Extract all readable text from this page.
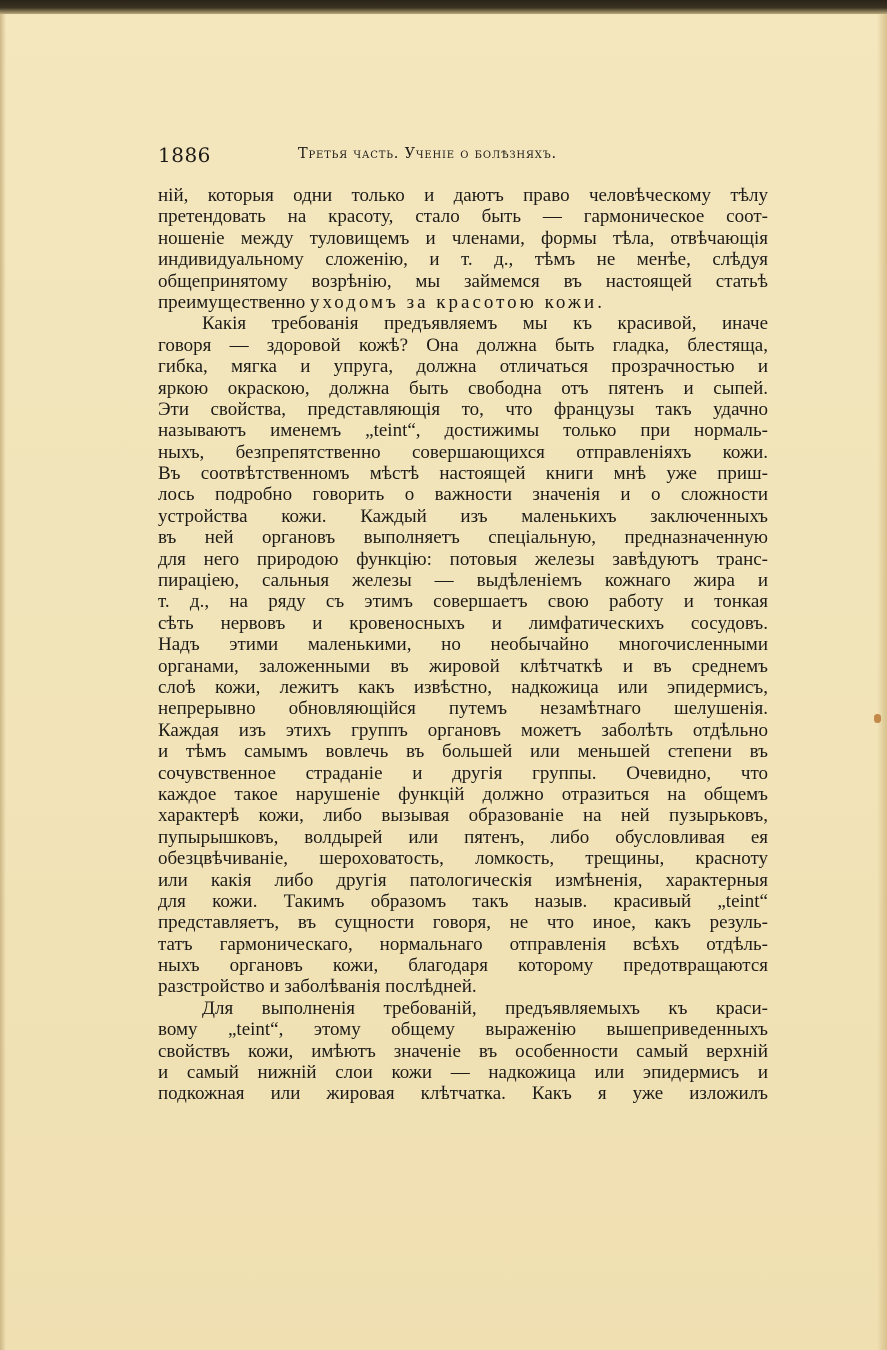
1886	Третья часть. Ученіе о болѣзняхъ.
ній, которыя одни только и даютъ право человѣческому тѣлу
претендовать на красоту, стало быть — гармоническое соот-
ношеніе между туловищемъ и членами, формы тѣла, отвѣчающія
индивидуальному сложенію, и т. д., тѣмъ не менѣе, слѣдуя
общепринятому возрѣнію, мы займемся въ настоящей статьѣ
преимущественно уходомъ за красотою кожи.
Какія требованія предъявляемъ мы къ красивой, иначе
говоря — здоровой кожѣ? Она должна быть гладка, блестяща,
гибка, мягка и упруга, должна отличаться прозрачностью и
яркою окраскою, должна быть свободна отъ пятенъ и сыпей.
Эти свойства, представляющія то, что французы такъ удачно
называютъ именемъ „teint“, достижимы только при нормаль-
ныхъ, безпрепятственно совершающихся отправленіяхъ кожи.
Въ соотвѣтственномъ мѣстѣ настоящей книги мнѣ уже приш-
лось подробно говорить о важности значенія и о сложности
устройства кожи. Каждый изъ маленькихъ заключенныхъ
въ ней органовъ выполняетъ спеціальную, предназначенную
для него природою функцію: потовыя железы завѣдуютъ транс-
пираціею, сальныя железы — выдѣленіемъ кожнаго жира и
т. д., на ряду съ этимъ совершаетъ свою работу и тонкая
сѣть нервовъ и кровеносныхъ и лимфатическихъ сосудовъ.
Надъ этими маленькими, но необычайно многочисленными
органами, заложенными въ жировой клѣтчаткѣ и въ среднемъ
слоѣ кожи, лежитъ какъ извѣстно, надкожица или эпидермисъ,
непрерывно обновляющійся путемъ незамѣтнаго шелушенія.
Каждая изъ этихъ группъ органовъ можетъ заболѣть отдѣльно
и тѣмъ самымъ вовлечь въ большей или меньшей степени въ
сочувственное страданіе и другія группы. Очевидно, что
каждое такое нарушеніе функцій должно отразиться на общемъ
характерѣ кожи, либо вызывая образованіе на ней пузырьковъ,
пупырышковъ, волдырей или пятенъ, либо обусловливая ея
обезцвѣчиваніе, шероховатость, ломкость, трещины, красноту
или какія либо другія патологическія измѣненія, характерныя
для кожи. Такимъ образомъ такъ назыв. красивый „teint“
представляетъ, въ сущности говоря, не что иное, какъ резуль-
татъ гармоническаго, нормальнаго отправленія всѣхъ отдѣль-
ныхъ органовъ кожи, благодаря которому предотвращаются
разстройство и заболѣванія послѣдней.
Для выполненія требованій, предъявляемыхъ къ краси-
вому „teint“, этому общему выраженію вышеприведенныхъ
свойствъ кожи, имѣютъ значеніе въ особенности самый верхній
и самый нижній слои кожи — надкожица или эпидермисъ и
подкожная или жировая клѣтчатка. Какъ я уже изложилъ
